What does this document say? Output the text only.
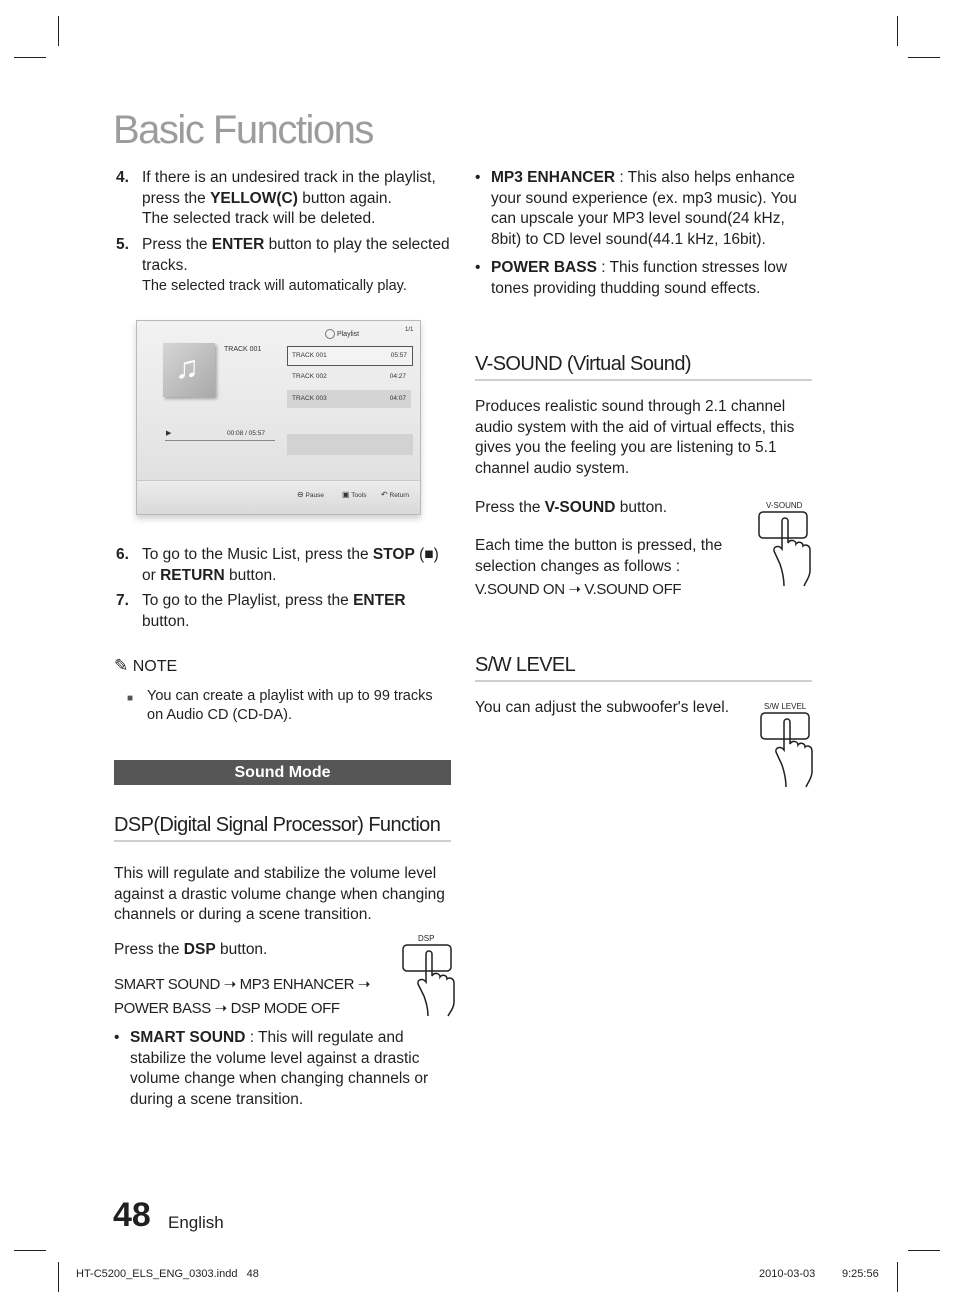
Basic Functions
4. If there is an undesired track in the playlist, press the YELLOW(C) button again.
The selected track will be deleted.
5. Press the ENTER button to play the selected tracks.
The selected track will automatically play.
♫	TRACK 001
Playlist
1/1
TRACK 001	05:57
TRACK 002	04:27
TRACK 003	04:07
▶	00:08 / 05:57
⊖ Pause ▣ Tools ↶ Return
6. To go to the Music List, press the STOP (■) or RETURN button.
7. To go to the Playlist, press the ENTER button.
✎ NOTE
■ You can create a playlist with up to 99 tracks on Audio CD (CD-DA).
Sound Mode
DSP(Digital Signal Processor) Function
This will regulate and stabilize the volume level against a drastic volume change when changing channels or during a scene transition.
Press the DSP button.
SMART SOUND ➝ MP3 ENHANCER ➝
POWER BASS ➝ DSP MODE OFF
DSP
• SMART SOUND : This will regulate and stabilize the volume level against a drastic volume change when changing channels or during a scene transition.
• MP3 ENHANCER : This also helps enhance your sound experience (ex. mp3 music). You can upscale your MP3 level sound(24 kHz, 8bit) to CD level sound(44.1 kHz, 16bit).
• POWER BASS : This function stresses low tones providing thudding sound effects.
V-SOUND (Virtual Sound)
Produces realistic sound through 2.1 channel audio system with the aid of virtual effects, this gives you the feeling you are listening to 5.1 channel audio system.
Press the V-SOUND button.
Each time the button is pressed, the selection changes as follows :
V.SOUND ON ➝ V.SOUND OFF
V-SOUND
S/W LEVEL
You can adjust the subwoofer's level.	S/W LEVEL
48 English
HT-C5200_ELS_ENG_0303.indd   48	2010-03-03 9:25:56
